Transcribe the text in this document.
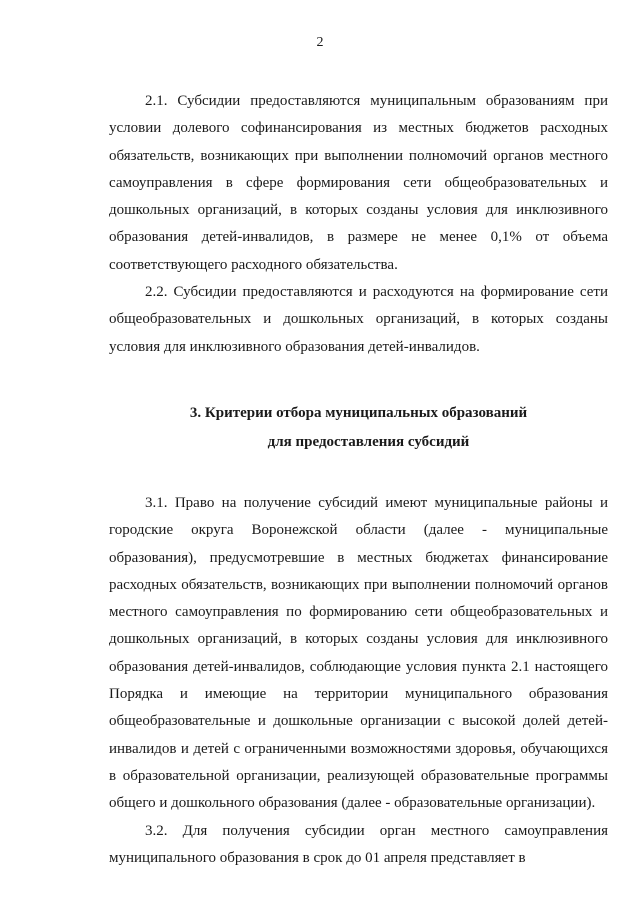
2

2.1. Субсидии предоставляются муниципальным образованиям при условии долевого софинансирования из местных бюджетов расходных обязательств, возникающих при выполнении полномочий органов местного самоуправления в сфере формирования сети общеобразовательных и дошкольных организаций, в которых созданы условия для инклюзивного образования детей-инвалидов, в размере не менее 0,1% от объема соответствующего расходного обязательства.

2.2. Субсидии предоставляются и расходуются на формирование сети общеобразовательных и дошкольных организаций, в которых созданы условия для инклюзивного образования детей-инвалидов.

3. Критерии отбора муниципальных образований
для предоставления субсидий

3.1. Право на получение субсидий имеют муниципальные районы и городские округа Воронежской области (далее - муниципальные образования), предусмотревшие в местных бюджетах финансирование расходных обязательств, возникающих при выполнении полномочий органов местного самоуправления по формированию сети общеобразовательных и дошкольных организаций, в которых созданы условия для инклюзивного образования детей-инвалидов, соблюдающие условия пункта 2.1 настоящего Порядка и имеющие на территории муниципального образования общеобразовательные и дошкольные организации с высокой долей детей-инвалидов и детей с ограниченными возможностями здоровья, обучающихся в образовательной организации, реализующей образовательные программы общего и дошкольного образования (далее - образовательные организации).

3.2. Для получения субсидии орган местного самоуправления муниципального образования в срок до 01 апреля представляет в
